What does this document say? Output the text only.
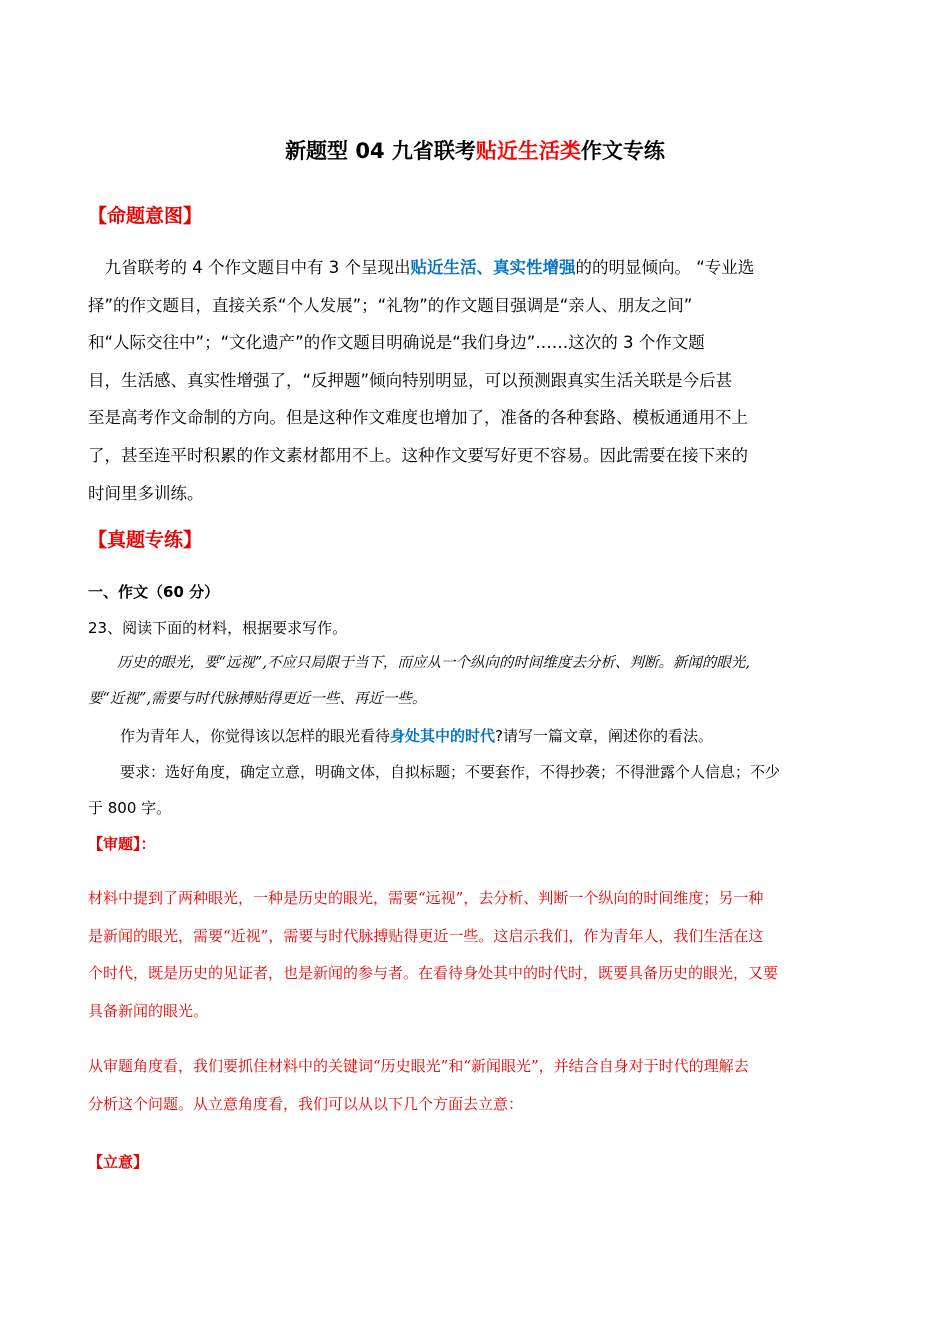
新题型 04 九省联考贴近生活类作文专练
【命题意图】
 九省联考的 4 个作文题目中有 3 个呈现出贴近生活、真实性增强的的明显倾向。 “专业选
择”的作文题目，直接关系“个人发展”；“礼物”的作文题目强调是“亲人、朋友之间”
和“人际交往中”；“文化遗产”的作文题目明确说是“我们身边”……这次的 3 个作文题
目，生活感、真实性增强了，“反押题”倾向特别明显，可以预测跟真实生活关联是今后甚
至是高考作文命制的方向。但是这种作文难度也增加了，准备的各种套路、模板通通用不上
了，甚至连平时积累的作文素材都用不上。这种作文要写好更不容易。因此需要在接下来的
时间里多训练。
【真题专练】
一、作文（60 分）
23、阅读下面的材料，根据要求写作。
  历史的眼光，要“远视”,不应只局限于当下，而应从一个纵向的时间维度去分析、判断。新闻的眼光,
要“近视”,需要与时代脉搏贴得更近一些、再近一些。
作为青年人，你觉得该以怎样的眼光看待身处其中的时代?请写一篇文章，阐述你的看法。
要求：选好角度，确定立意，明确文体，自拟标题；不要套作，不得抄袭；不得泄露个人信息；不少
于 800 字。
【审题】：
材料中提到了两种眼光，一种是历史的眼光，需要“远视”，去分析、判断一个纵向的时间维度；另一种
是新闻的眼光，需要“近视”，需要与时代脉搏贴得更近一些。这启示我们，作为青年人，我们生活在这
个时代，既是历史的见证者，也是新闻的参与者。在看待身处其中的时代时，既要具备历史的眼光，又要
具备新闻的眼光。
从审题角度看，我们要抓住材料中的关键词“历史眼光”和“新闻眼光”，并结合自身对于时代的理解去
分析这个问题。从立意角度看，我们可以从以下几个方面去立意：
【立意】
